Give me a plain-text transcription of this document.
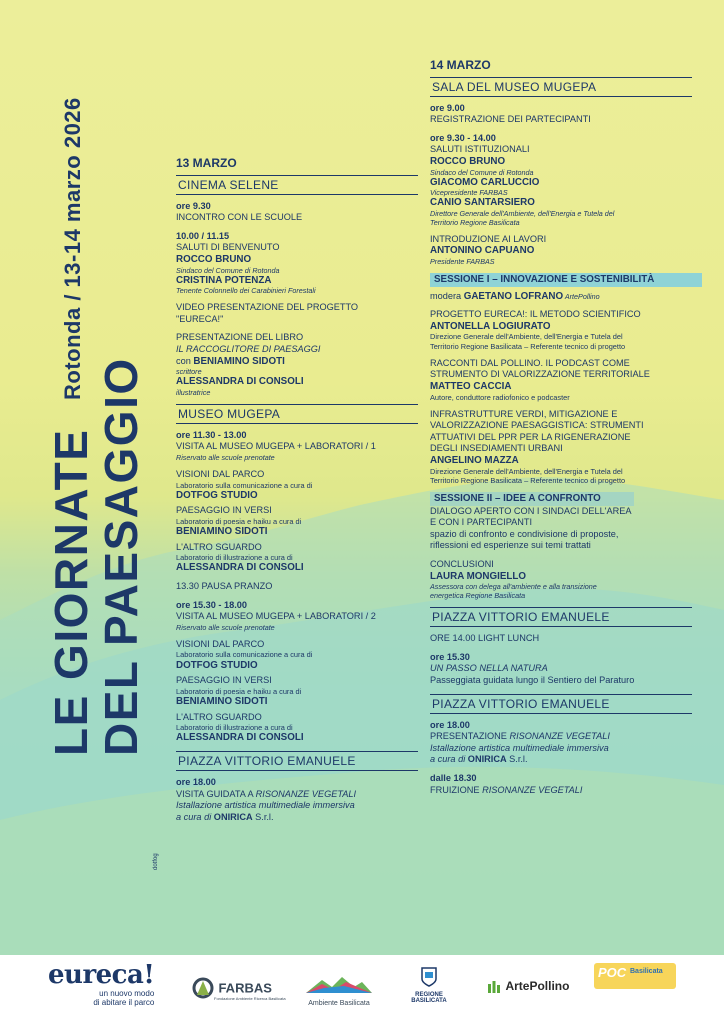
LE GIORNATE
DEL PAESAGGIO
Rotonda / 13-14 marzo 2026
dotfog
13 MARZO
CINEMA SELENE
ore 9.30
INCONTRO CON LE SCUOLE
10.00 / 11.15
SALUTI DI BENVENUTO
ROCCO BRUNO
Sindaco del Comune di Rotonda
CRISTINA POTENZA
Tenente Colonnello dei Carabinieri Forestali
VIDEO PRESENTAZIONE DEL PROGETTO
"EURECA!"
PRESENTAZIONE DEL LIBRO
IL RACCOGLITORE DI PAESAGGI
con BENIAMINO SIDOTI
scrittore
ALESSANDRA DI CONSOLI
illustratrice
MUSEO MUGEPA
ore 11.30 - 13.00
VISITA AL MUSEO MUGEPA + LABORATORI / 1
Riservato alle scuole prenotate
VISIONI DAL PARCO
Laboratorio sulla comunicazione a cura di
DOTFOG STUDIO
PAESAGGIO IN VERSI
Laboratorio di poesia e haiku a cura di
BENIAMINO SIDOTI
L'ALTRO SGUARDO
Laboratorio di illustrazione a cura di
ALESSANDRA DI CONSOLI
13.30 PAUSA PRANZO
ore 15.30 - 18.00
VISITA AL MUSEO MUGEPA + LABORATORI / 2
Riservato alle scuole prenotate
VISIONI DAL PARCO
Laboratorio sulla comunicazione a cura di
DOTFOG STUDIO
PAESAGGIO IN VERSI
Laboratorio di poesia e haiku a cura di
BENIAMINO SIDOTI
L'ALTRO SGUARDO
Laboratorio di illustrazione a cura di
ALESSANDRA DI CONSOLI
PIAZZA VITTORIO EMANUELE
ore 18.00
VISITA GUIDATA A RISONANZE VEGETALI
Istallazione artistica multimediale immersiva
a cura di ONIRICA S.r.l.
14 MARZO
SALA DEL MUSEO MUGEPA
ore 9.00
REGISTRAZIONE DEI PARTECIPANTI
ore 9.30 - 14.00
SALUTI ISTITUZIONALI
ROCCO BRUNO
Sindaco del Comune di Rotonda
GIACOMO CARLUCCIO
Vicepresidente FARBAS
CANIO SANTARSIERO
Direttore Generale dell'Ambiente, dell'Energia e Tutela del
Territorio Regione Basilicata
INTRODUZIONE AI LAVORI
ANTONINO CAPUANO
Presidente FARBAS
SESSIONE I – INNOVAZIONE E SOSTENIBILITÀ
modera GAETANO LOFRANO ArtePollino
PROGETTO EURECA!: IL METODO SCIENTIFICO
ANTONELLA LOGIURATO
Direzione Generale dell'Ambiente, dell'Energia e Tutela del
Territorio Regione Basilicata – Referente tecnico di progetto
RACCONTI DAL POLLINO. IL PODCAST COME
STRUMENTO DI VALORIZZAZIONE TERRITORIALE
MATTEO CACCIA
Autore, conduttore radiofonico e podcaster
INFRASTRUTTURE VERDI, MITIGAZIONE E
VALORIZZAZIONE PAESAGGISTICA: STRUMENTI
ATTUATIVI DEL PPR PER LA RIGENERAZIONE
DEGLI INSEDIAMENTI URBANI
ANGELINO MAZZA
Direzione Generale dell'Ambiente, dell'Energia e Tutela del
Territorio Regione Basilicata – Referente tecnico di progetto
SESSIONE II – IDEE A CONFRONTO
DIALOGO APERTO CON I SINDACI DELL'AREA
E CON I PARTECIPANTI
spazio di confronto e condivisione di proposte,
riflessioni ed esperienze sui temi trattati
CONCLUSIONI
LAURA MONGIELLO
Assessora con delega all'ambiente e alla transizione
energetica Regione Basilicata
PIAZZA VITTORIO EMANUELE
ORE 14.00 LIGHT LUNCH
ore 15.30
UN PASSO NELLA NATURA
Passeggiata guidata lungo il Sentiero del Paraturo
PIAZZA VITTORIO EMANUELE
ore 18.00
PRESENTAZIONE RISONANZE VEGETALI
Istallazione artistica multimediale immersiva
a cura di ONIRICA S.r.l.
dalle 18.30
FRUIZIONE RISONANZE VEGETALI
eureca!
un nuovo modo
di abitare il parco
FARBAS
Fondazione Ambiente Ricerca Basilicata
Ambiente Basilicata
REGIONE BASILICATA
ArtePollino
POC Basilicata
